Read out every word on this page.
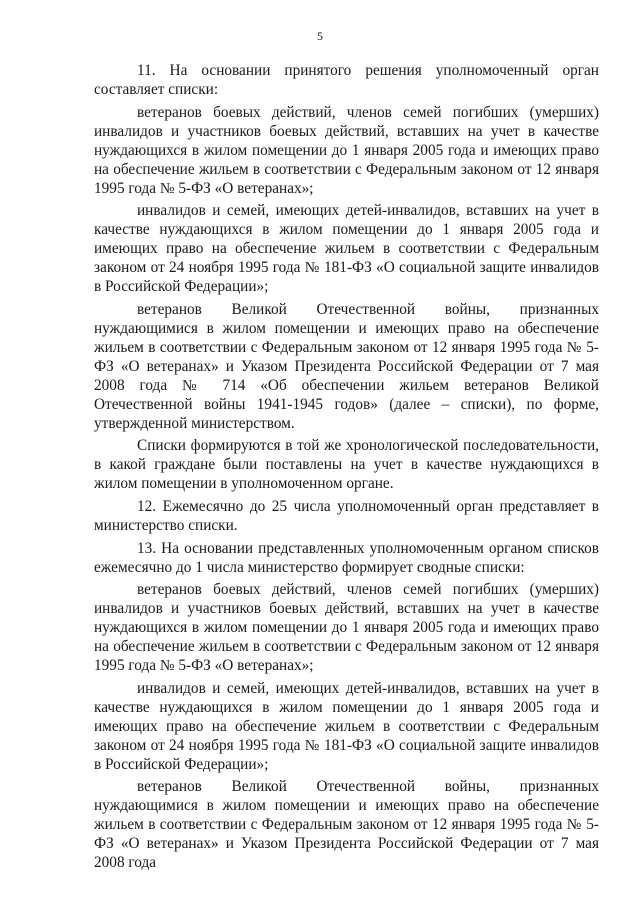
5

11. На основании принятого решения уполномоченный орган составляет списки:

ветеранов боевых действий, членов семей погибших (умерших) инвалидов и участников боевых действий, вставших на учет в качестве нуждающихся в жилом помещении до 1 января 2005 года и имеющих право на обеспечение жильем в соответствии с Федеральным законом от 12 января 1995 года № 5-ФЗ «О ветеранах»;

инвалидов и семей, имеющих детей-инвалидов, вставших на учет в качестве нуждающихся в жилом помещении до 1 января 2005 года и имеющих право на обеспечение жильем в соответствии с Федеральным законом от 24 ноября 1995 года № 181-ФЗ «О социальной защите инвалидов в Российской Федерации»;

ветеранов Великой Отечественной войны, признанных нуждающимися в жилом помещении и имеющих право на обеспечение жильем в соответствии с Федеральным законом от 12 января 1995 года № 5-ФЗ «О ветеранах» и Указом Президента Российской Федерации от 7 мая 2008 года № 714 «Об обеспечении жильем ветеранов Великой Отечественной войны 1941-1945 годов» (далее – списки), по форме, утвержденной министерством.

Списки формируются в той же хронологической последовательности, в какой граждане были поставлены на учет в качестве нуждающихся в жилом помещении в уполномоченном органе.

12. Ежемесячно до 25 числа уполномоченный орган представляет в министерство списки.

13. На основании представленных уполномоченным органом списков ежемесячно до 1 числа министерство формирует сводные списки:

ветеранов боевых действий, членов семей погибших (умерших) инвалидов и участников боевых действий, вставших на учет в качестве нуждающихся в жилом помещении до 1 января 2005 года и имеющих право на обеспечение жильем в соответствии с Федеральным законом от 12 января 1995 года № 5-ФЗ «О ветеранах»;

инвалидов и семей, имеющих детей-инвалидов, вставших на учет в качестве нуждающихся в жилом помещении до 1 января 2005 года и имеющих право на обеспечение жильем в соответствии с Федеральным законом от 24 ноября 1995 года № 181-ФЗ «О социальной защите инвалидов в Российской Федерации»;

ветеранов Великой Отечественной войны, признанных нуждающимися в жилом помещении и имеющих право на обеспечение жильем в соответствии с Федеральным законом от 12 января 1995 года № 5-ФЗ «О ветеранах» и Указом Президента Российской Федерации от 7 мая 2008 года
